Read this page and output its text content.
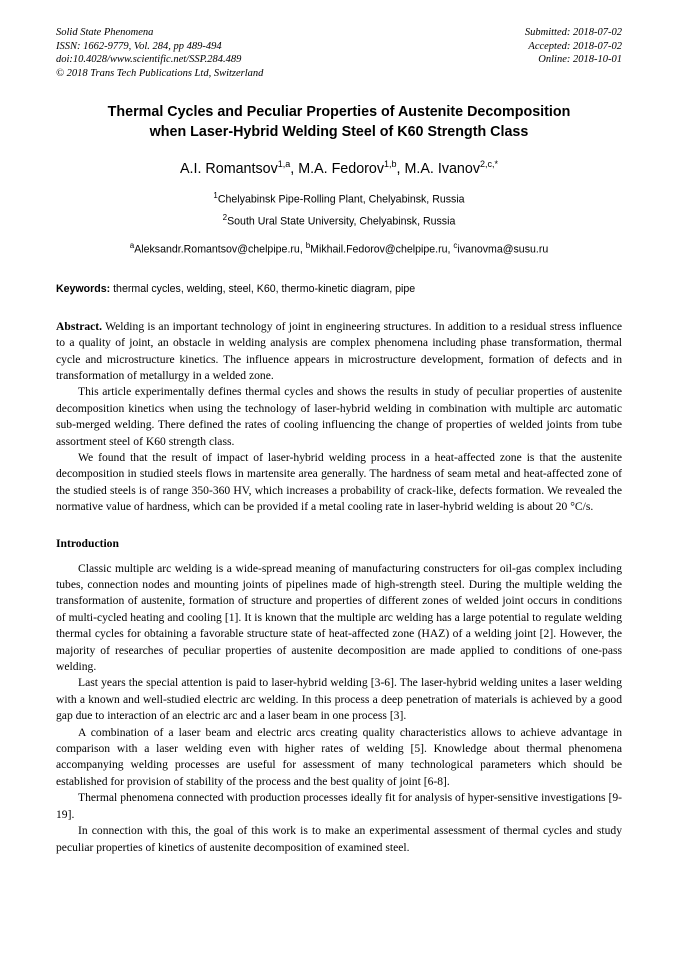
Solid State Phenomena
ISSN: 1662-9779, Vol. 284, pp 489-494
doi:10.4028/www.scientific.net/SSP.284.489
© 2018 Trans Tech Publications Ltd, Switzerland
Submitted: 2018-07-02
Accepted: 2018-07-02
Online: 2018-10-01
Thermal Cycles and Peculiar Properties of Austenite Decomposition
when Laser-Hybrid Welding Steel of K60 Strength Class
A.I. Romantsov$^{1,a}$, M.A. Fedorov$^{1,b}$, M.A. Ivanov$^{2,c,*}$
$^1$Chelyabinsk Pipe-Rolling Plant, Chelyabinsk, Russia
$^2$South Ural State University, Chelyabinsk, Russia
$^a$Aleksandr.Romantsov@chelpipe.ru, $^b$Mikhail.Fedorov@chelpipe.ru, $^c$ivanovma@susu.ru
Keywords: thermal cycles, welding, steel, K60, thermo-kinetic diagram, pipe

Abstract. Welding is an important technology of joint in engineering structures. In addition to a residual stress influence to a quality of joint, an obstacle in welding analysis are complex phenomena including phase transformation, thermal cycle and microstructure kinetics. The influence appears in microstructure development, formation of defects and in transformation of metallurgy in a welded zone.

This article experimentally defines thermal cycles and shows the results in study of peculiar properties of austenite decomposition kinetics when using the technology of laser-hybrid welding in combination with multiple arc automatic sub-merged welding. There defined the rates of cooling influencing the change of properties of welded joints from tube assortment steel of K60 strength class.

We found that the result of impact of laser-hybrid welding process in a heat-affected zone is that the austenite decomposition in studied steels flows in martensite area generally. The hardness of seam metal and heat-affected zone of the studied steels is of range 350-360 HV, which increases a probability of crack-like, defects formation. We revealed the normative value of hardness, which can be provided if a metal cooling rate in laser-hybrid welding is about 20 °C/s.

Introduction

Classic multiple arc welding is a wide-spread meaning of manufacturing constructers for oil-gas complex including tubes, connection nodes and mounting joints of pipelines made of high-strength steel. During the multiple welding the transformation of austenite, formation of structure and properties of different zones of welded joint occurs in conditions of multi-cycled heating and cooling [1]. It is known that the multiple arc welding has a large potential to regulate welding thermal cycles for obtaining a favorable structure state of heat-affected zone (HAZ) of a welding joint [2]. However, the majority of researches of peculiar properties of austenite decomposition are made applied to conditions of one-pass welding.

Last years the special attention is paid to laser-hybrid welding [3-6]. The laser-hybrid welding unites a laser welding with a known and well-studied electric arc welding. In this process a deep penetration of materials is achieved by a good gap due to interaction of an electric arc and a laser beam in one process [3].

A combination of a laser beam and electric arcs creating quality characteristics allows to achieve advantage in comparison with a laser welding even with higher rates of welding [5]. Knowledge about thermal phenomena accompanying welding processes are useful for assessment of many technological parameters which should be established for provision of stability of the process and the best quality of joint [6-8].

Thermal phenomena connected with production processes ideally fit for analysis of hyper-sensitive investigations [9-19].

In connection with this, the goal of this work is to make an experimental assessment of thermal cycles and study peculiar properties of kinetics of austenite decomposition of examined steel.
